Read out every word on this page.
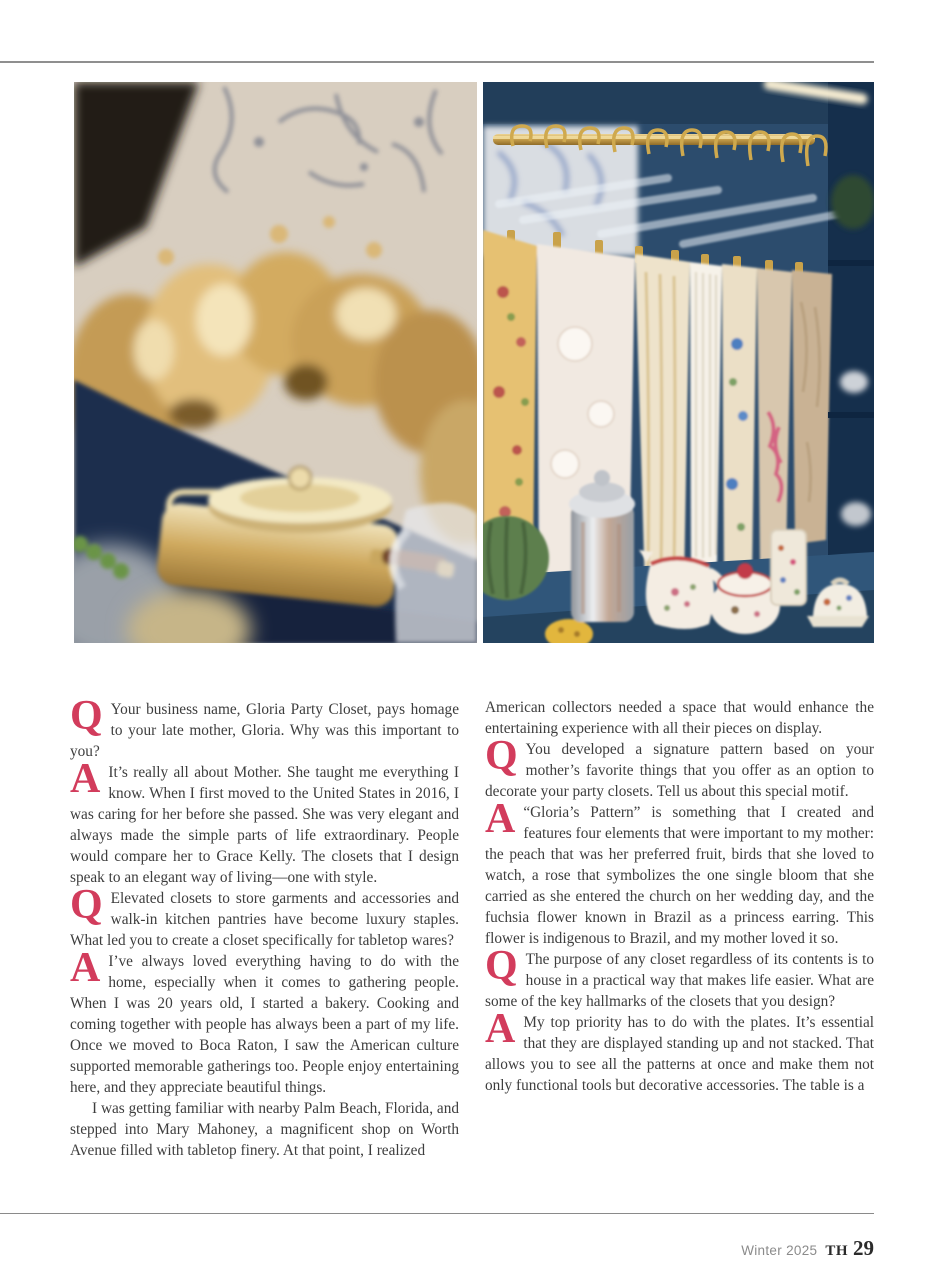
Q Your business name, Gloria Party Closet, pays homage to your late mother, Gloria. Why was this important to you?

A It’s really all about Mother. She taught me everything I know. When I first moved to the United States in 2016, I was caring for her before she passed. She was very elegant and always made the simple parts of life extraordinary. People would compare her to Grace Kelly. The closets that I design speak to an elegant way of living—one with style.

Q Elevated closets to store garments and accessories and walk-in kitchen pantries have become luxury staples. What led you to create a closet specifically for tabletop wares?

A I’ve always loved everything having to do with the home, especially when it comes to gathering people. When I was 20 years old, I started a bakery. Cooking and coming together with people has always been a part of my life. Once we moved to Boca Raton, I saw the American culture supported memorable gatherings too. People enjoy entertaining here, and they appreciate beautiful things.

I was getting familiar with nearby Palm Beach, Florida, and stepped into Mary Mahoney, a magnificent shop on Worth Avenue filled with tabletop finery. At that point, I realized

American collectors needed a space that would enhance the entertaining experience with all their pieces on display.

Q You developed a signature pattern based on your mother’s favorite things that you offer as an option to decorate your party closets. Tell us about this special motif.

A “Gloria’s Pattern” is something that I created and features four elements that were important to my mother: the peach that was her preferred fruit, birds that she loved to watch, a rose that symbolizes the one single bloom that she carried as she entered the church on her wedding day, and the fuchsia flower known in Brazil as a princess earring. This flower is indigenous to Brazil, and my mother loved it so.

Q The purpose of any closet regardless of its contents is to house in a practical way that makes life easier. What are some of the key hallmarks of the closets that you design?

A My top priority has to do with the plates. It’s essential that they are displayed standing up and not stacked. That allows you to see all the patterns at once and make them not only functional tools but decorative accessories. The table is a

Winter 2025 TH 29
